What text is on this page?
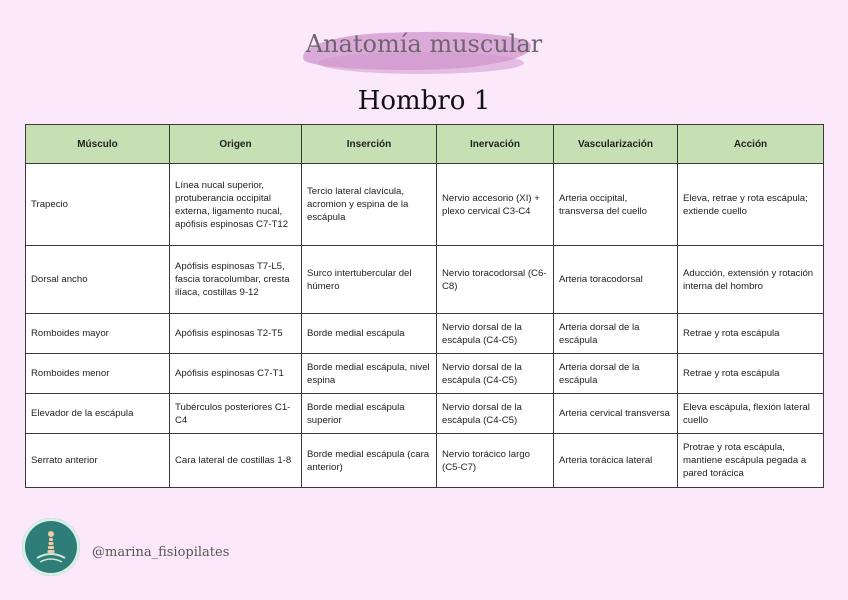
Anatomía muscular
Hombro 1
Músculo	Origen	Inserción	Inervación	Vascularización	Acción
Trapecio	Línea nucal superior, protuberancia occipital externa, ligamento nucal, apófisis espinosas C7-T12	Tercio lateral clavícula, acromion y espina de la escápula	Nervio accesorio (XI) + plexo cervical C3-C4	Arteria occipital, transversa del cuello	Eleva, retrae y rota escápula; extiende cuello
Dorsal ancho	Apófisis espinosas T7-L5, fascia toracolumbar, cresta ilíaca, costillas 9-12	Surco intertubercular del húmero	Nervio toracodorsal (C6-C8)	Arteria toracodorsal	Aducción, extensión y rotación interna del hombro
Romboides mayor	Apófisis espinosas T2-T5	Borde medial escápula	Nervio dorsal de la escápula (C4-C5)	Arteria dorsal de la escápula	Retrae y rota escápula
Romboides menor	Apófisis espinosas C7-T1	Borde medial escápula, nivel espina	Nervio dorsal de la escápula (C4-C5)	Arteria dorsal de la escápula	Retrae y rota escápula
Elevador de la escápula	Tubérculos posteriores C1-C4	Borde medial escápula superior	Nervio dorsal de la escápula (C4-C5)	Arteria cervical transversa	Eleva escápula, flexión lateral cuello
Serrato anterior	Cara lateral de costillas 1-8	Borde medial escápula (cara anterior)	Nervio torácico largo (C5-C7)	Arteria torácica lateral	Protrae y rota escápula, mantiene escápula pegada a pared torácica
@marina_fisiopilates
